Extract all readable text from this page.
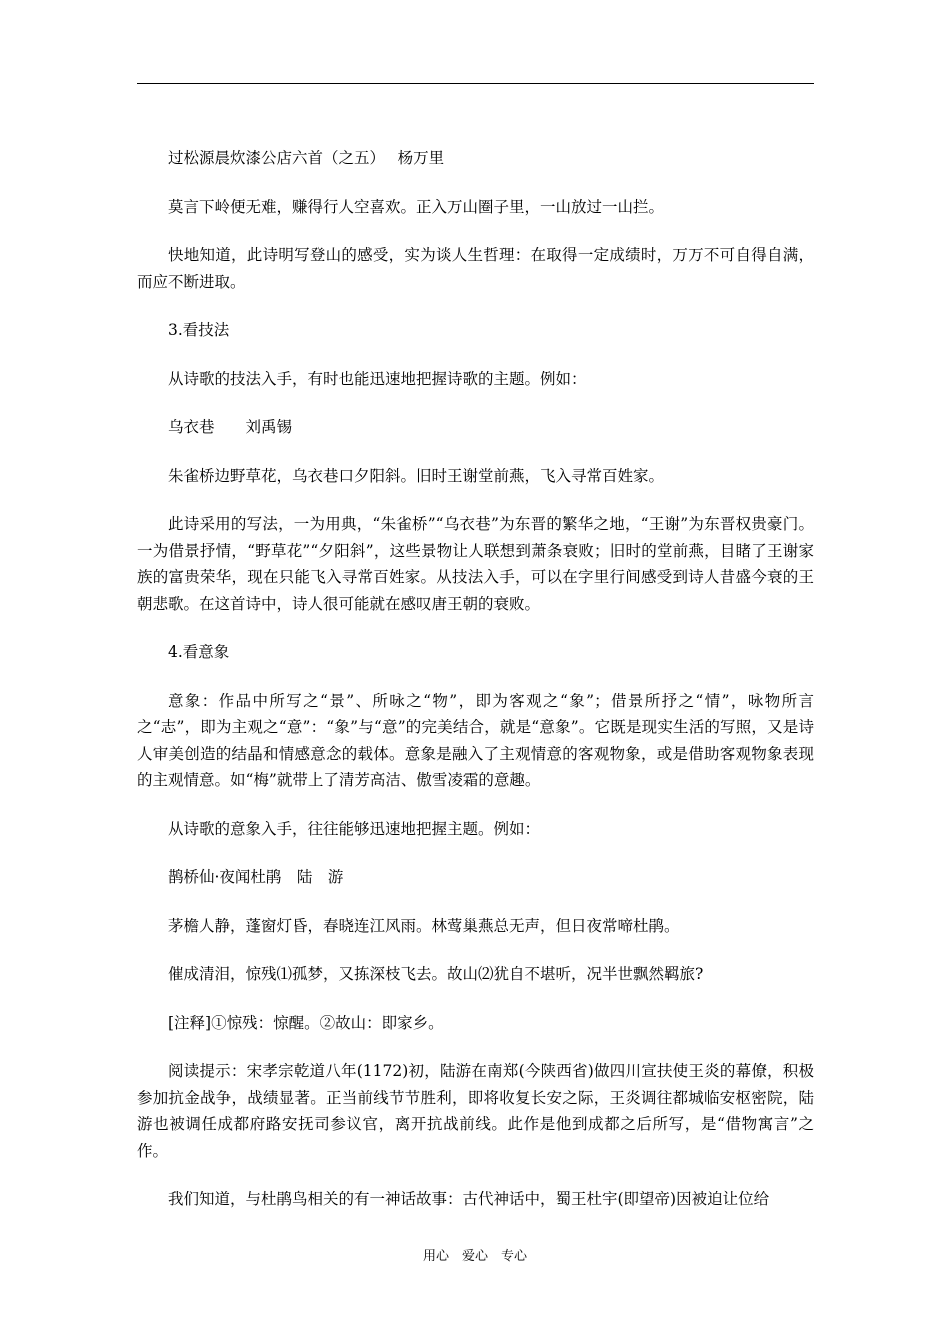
过松源晨炊漆公店六首（之五）　 杨万里

莫言下岭便无难，赚得行人空喜欢。正入万山圈子里，一山放过一山拦。

快地知道，此诗明写登山的感受，实为谈人生哲理：在取得一定成绩时，万万不可自得自满，而应不断进取。

3.看技法

从诗歌的技法入手，有时也能迅速地把握诗歌的主题。例如：

乌衣巷　　刘禹锡

朱雀桥边野草花，乌衣巷口夕阳斜。旧时王谢堂前燕，飞入寻常百姓家。

此诗采用的写法，一为用典，“朱雀桥”“乌衣巷”为东晋的繁华之地，“王谢”为东晋权贵豪门。一为借景抒情，“野草花”“夕阳斜”，这些景物让人联想到萧条衰败；旧时的堂前燕，目睹了王谢家族的富贵荣华，现在只能飞入寻常百姓家。从技法入手，可以在字里行间感受到诗人昔盛今衰的王朝悲歌。在这首诗中，诗人很可能就在感叹唐王朝的衰败。

4.看意象

意象：作品中所写之“景”、所咏之“物”，即为客观之“象”；借景所抒之“情”，咏物所言之“志”，即为主观之“意”：“象”与“意”的完美结合，就是“意象”。它既是现实生活的写照，又是诗人审美创造的结晶和情感意念的载体。意象是融入了主观情意的客观物象，或是借助客观物象表现的主观情意。如“梅”就带上了清芳高洁、傲雪凌霜的意趣。

从诗歌的意象入手，往往能够迅速地把握主题。例如：

鹊桥仙·夜闻杜鹃　陆　游

茅檐人静，蓬窗灯昏，春晓连江风雨。林莺巢燕总无声，但日夜常啼杜鹃。

催成清泪，惊残⑴孤梦，又拣深枝飞去。故山⑵犹自不堪听，况半世飘然羁旅?

[注释]①惊残：惊醒。②故山：即家乡。

阅读提示：宋孝宗乾道八年(1172)初，陆游在南郑(今陕西省)做四川宣扶使王炎的幕僚，积极参加抗金战争，战绩显著。正当前线节节胜利，即将收复长安之际，王炎调往都城临安枢密院，陆游也被调任成都府路安抚司参议官，离开抗战前线。此作是他到成都之后所写，是“借物寓言”之作。

我们知道，与杜鹃鸟相关的有一神话故事：古代神话中，蜀王杜宇(即望帝)因被迫让位给

用心　爱心　专心
